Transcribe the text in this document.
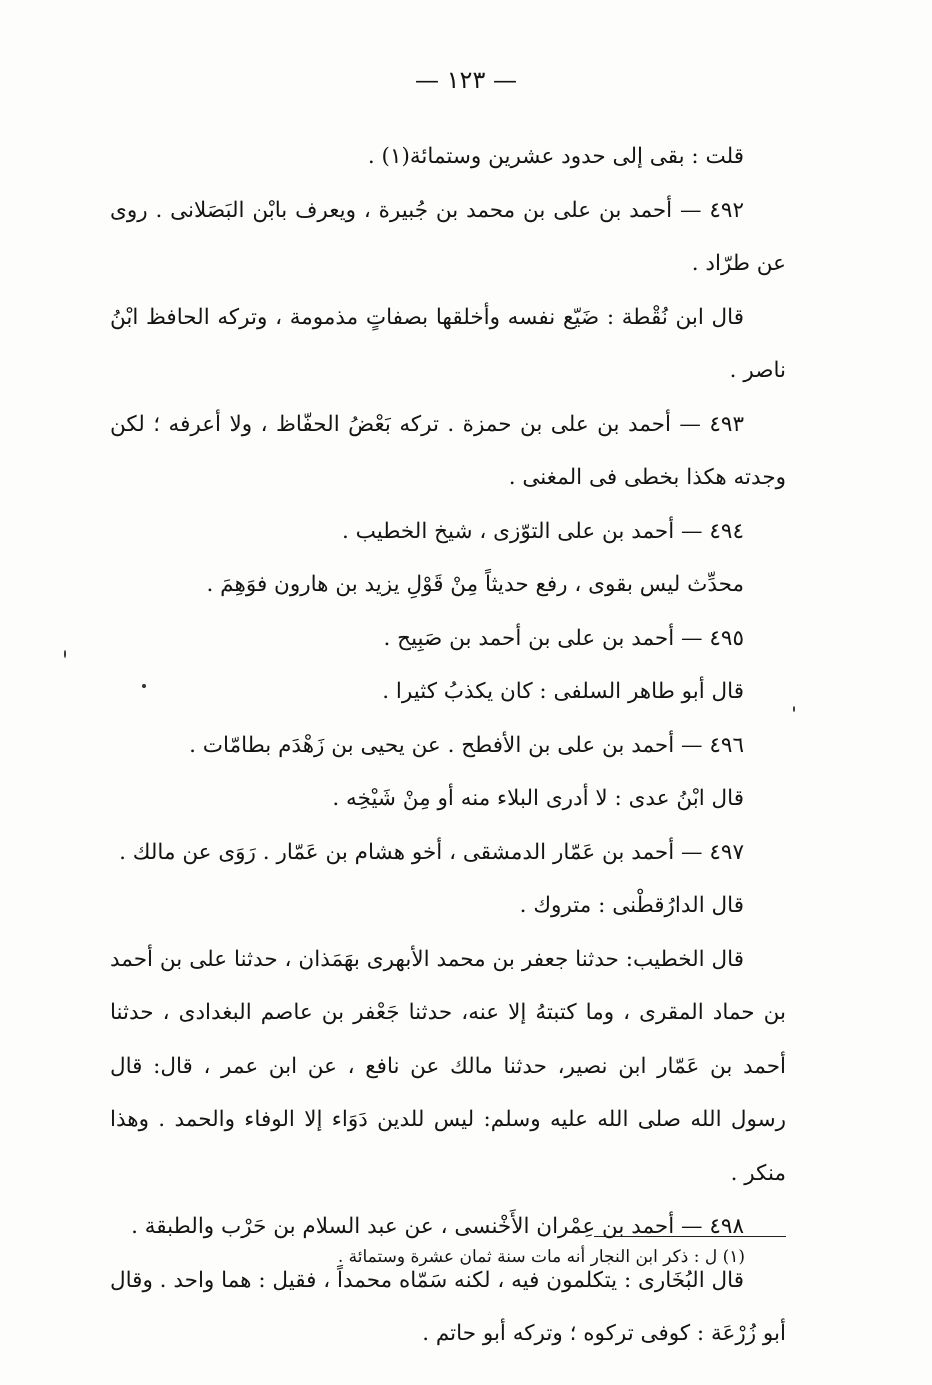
— ١٢٣ —

قلت : بقى إلى حدود عشرين وستمائة(١) .

٤٩٢ — أحمد بن على بن محمد بن جُبيرة ، ويعرف بابْن البَصَلانى . روى عن طرّاد .

قال ابن نُقْطة : ضَيّع نفسه وأخلقها بصفاتٍ مذمومة ، وتركه الحافظ ابْنُ ناصر .

٤٩٣ — أحمد بن على بن حمزة . تركه بَعْضُ الحفّاظ ، ولا أعرفه ؛ لكن وجدته هكذا بخطى فى المغنى .

٤٩٤ — أحمد بن على التوّزى ، شيخ الخطيب .

محدِّث ليس بقوى ، رفع حديثاً مِنْ قَوْلِ يزيد بن هارون فوَهِمَ .

٤٩٥ — أحمد بن على بن أحمد بن صَبِيح .

قال أبو طاهر السلفى : كان يكذبُ كثيرا .

٤٩٦ — أحمد بن على بن الأفطح . عن يحيى بن زَهْدَم بطامّات .

قال ابْنُ عدى : لا أدرى البلاء منه أو مِنْ شَيْخِه .

٤٩٧ — أحمد بن عَمّار الدمشقى ، أخو هشام بن عَمّار . رَوَى عن مالك .

قال الدارُقطْنى : متروك .

قال الخطيب: حدثنا جعفر بن محمد الأبهرى بهَمَذان ، حدثنا على بن أحمد بن حماد المقرى ، وما كتبتهُ إلا عنه، حدثنا جَعْفر بن عاصم البغدادى ، حدثنا أحمد بن عَمّار ابن نصير، حدثنا مالك عن نافع ، عن ابن عمر ، قال: قال رسول الله صلى الله عليه وسلم: ليس للدين دَوَاء إلا الوفاء والحمد . وهذا منكر .

٤٩٨ — أحمد بن عِمْران الأَخْنسى ، عن عبد السلام بن حَرْب والطبقة .

قال البُخَارى : يتكلمون فيه ، لكنه سَمّاه محمداً ، فقيل : هما واحد . وقال أبو زُرْعَة : كوفى تركوه ؛ وتركه أبو حاتم .

(١) ل : ذكر ابن النجار أنه مات سنة ثمان عشرة وستمائة .
